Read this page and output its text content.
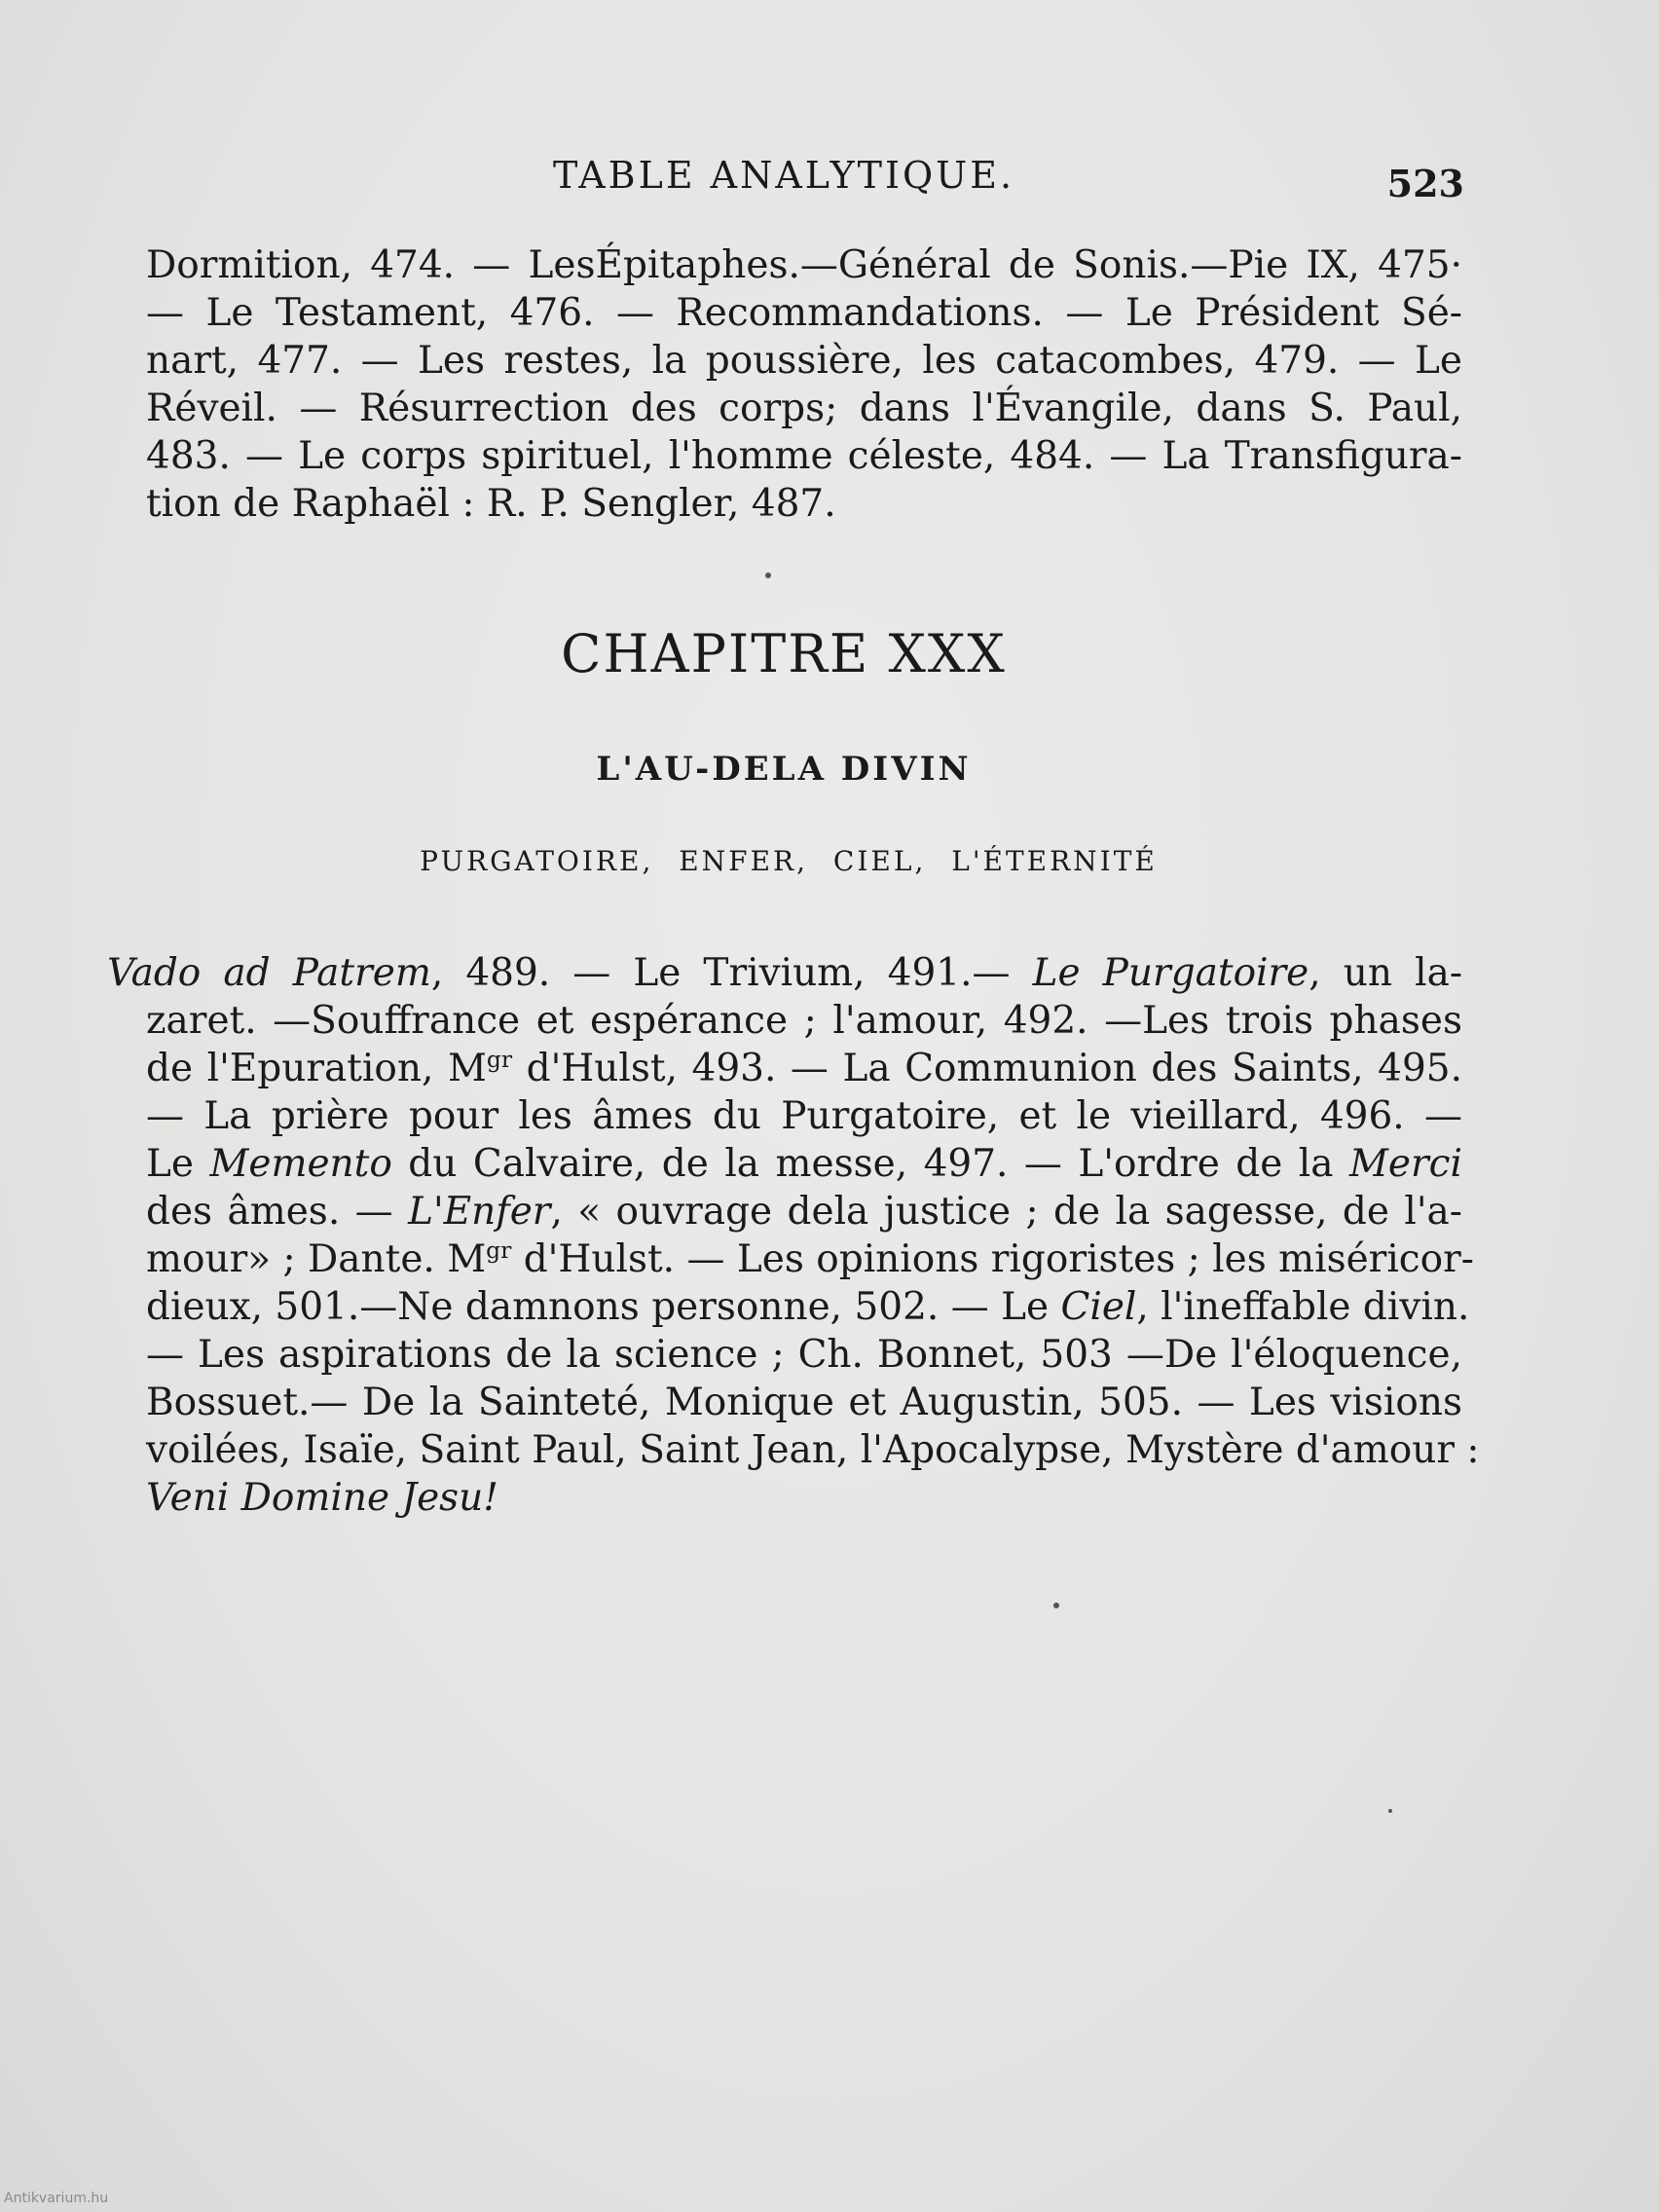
TABLE ANALYTIQUE.	523
Dormition, 474. — LesÉpitaphes.—Général de Sonis.—Pie IX, 475·
— Le Testament, 476. — Recommandations. — Le Président Sé-
nart, 477. — Les restes, la poussière, les catacombes, 479. — Le
Réveil. — Résurrection des corps; dans l'Évangile, dans S. Paul,
483. — Le corps spirituel, l'homme céleste, 484. — La Transfigura-
tion de Raphaël : R. P. Sengler, 487.
CHAPITRE XXX
L'AU-DELA DIVIN
PURGATOIRE, ENFER, CIEL, L'ÉTERNITÉ
Vado ad Patrem, 489. — Le Trivium, 491.— Le Purgatoire, un la-
zaret. —Souffrance et espérance ; l'amour, 492. —Les trois phases
de l'Epuration, $M^{gr}$ d'Hulst, 493. — La Communion des Saints, 495.
— La prière pour les âmes du Purgatoire, et le vieillard, 496. —
Le Memento du Calvaire, de la messe, 497. — L'ordre de la Merci
des âmes. — L'Enfer, « ouvrage dela justice ; de la sagesse, de l'a-
mour» ; Dante. $M^{gr}$ d'Hulst. — Les opinions rigoristes ; les miséricor-
dieux, 501.—Ne damnons personne, 502. — Le Ciel, l'ineffable divin.
— Les aspirations de la science ; Ch. Bonnet, 503 —De l'éloquence,
Bossuet.— De la Sainteté, Monique et Augustin, 505. — Les visions
voilées, Isaïe, Saint Paul, Saint Jean, l'Apocalypse, Mystère d'amour :
Veni Domine Jesu!
Antikvarium.hu
